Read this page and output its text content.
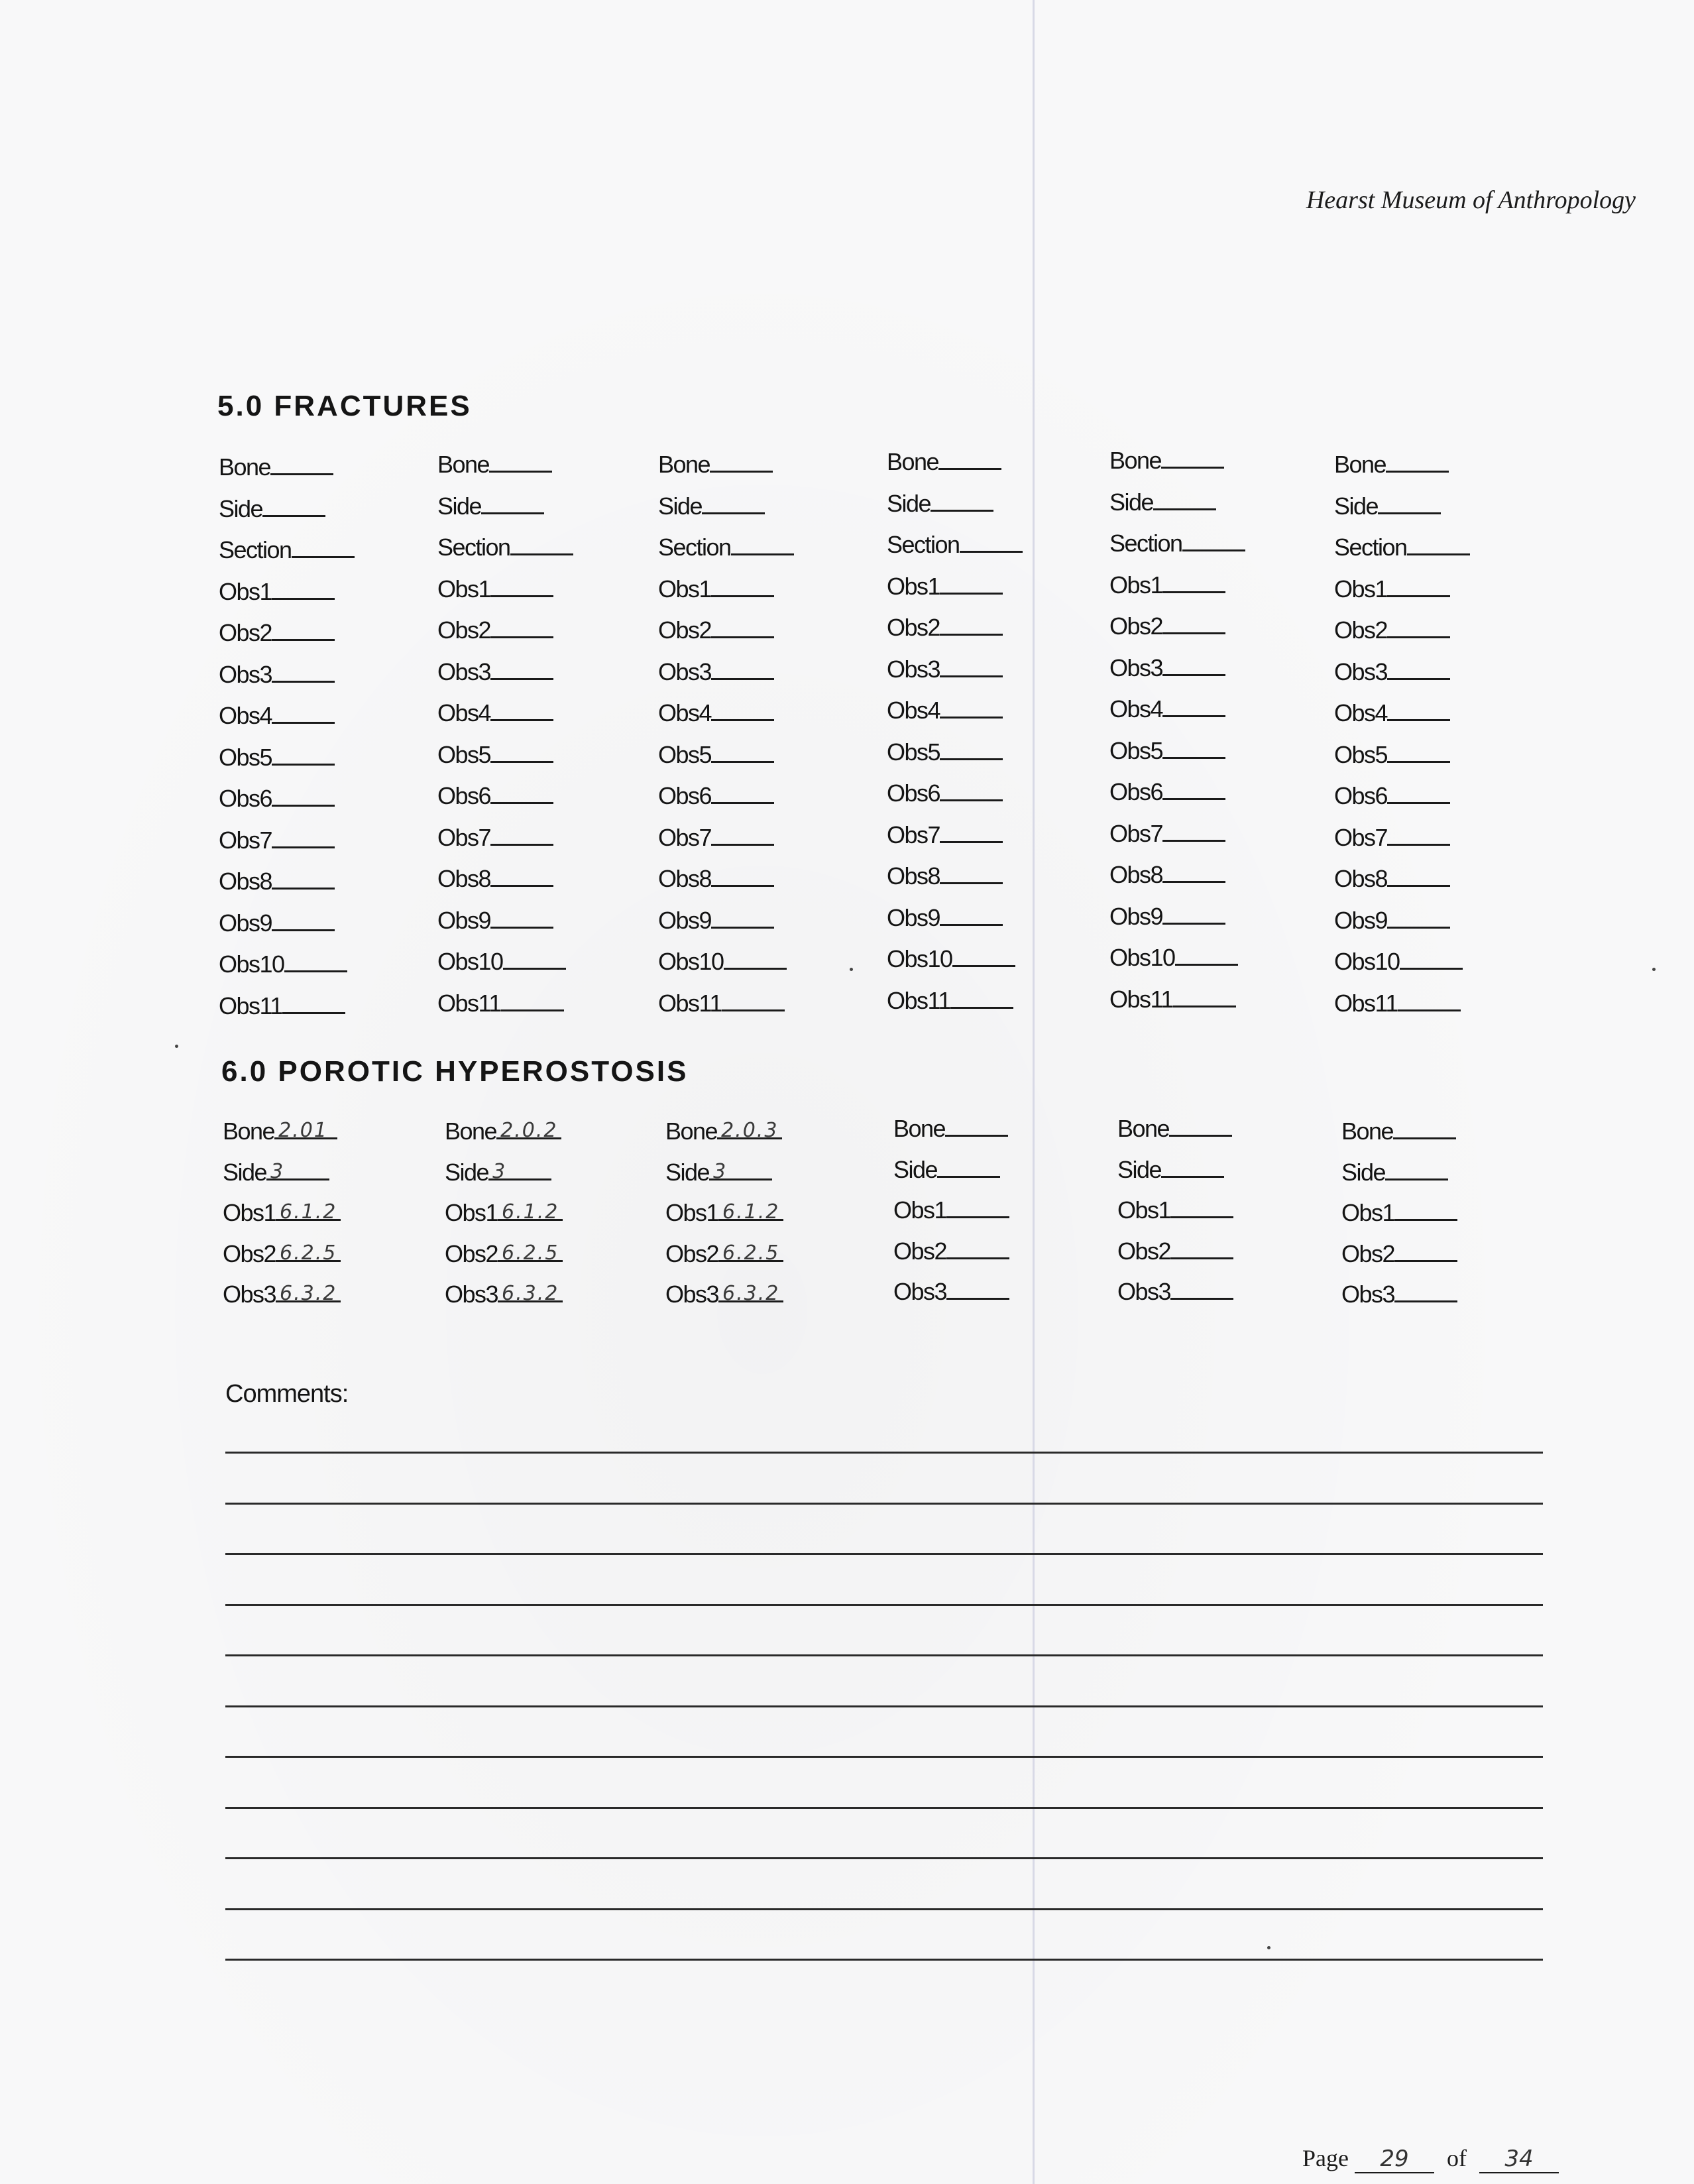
Hearst Museum of Anthropology
5.0 FRACTURES
Bone
Side
Section
Obs1
Obs2
Obs3
Obs4
Obs5
Obs6
Obs7
Obs8
Obs9
Obs10
Obs11
Bone
Side
Section
Obs1
Obs2
Obs3
Obs4
Obs5
Obs6
Obs7
Obs8
Obs9
Obs10
Obs11
Bone
Side
Section
Obs1
Obs2
Obs3
Obs4
Obs5
Obs6
Obs7
Obs8
Obs9
Obs10
Obs11
Bone
Side
Section
Obs1
Obs2
Obs3
Obs4
Obs5
Obs6
Obs7
Obs8
Obs9
Obs10
Obs11
Bone
Side
Section
Obs1
Obs2
Obs3
Obs4
Obs5
Obs6
Obs7
Obs8
Obs9
Obs10
Obs11
Bone
Side
Section
Obs1
Obs2
Obs3
Obs4
Obs5
Obs6
Obs7
Obs8
Obs9
Obs10
Obs11
6.0 POROTIC HYPEROSTOSIS
Bone 2.01
Side 3
Obs1 6.1.2
Obs2 6.2.5
Obs3 6.3.2
Bone 2.0.2
Side 3
Obs1 6.1.2
Obs2 6.2.5
Obs3 6.3.2
Bone 2.0.3
Side 3
Obs1 6.1.2
Obs2 6.2.5
Obs3 6.3.2
Bone
Side
Obs1
Obs2
Obs3
Bone
Side
Obs1
Obs2
Obs3
Bone
Side
Obs1
Obs2
Obs3
Comments:
Page 29 of 34
